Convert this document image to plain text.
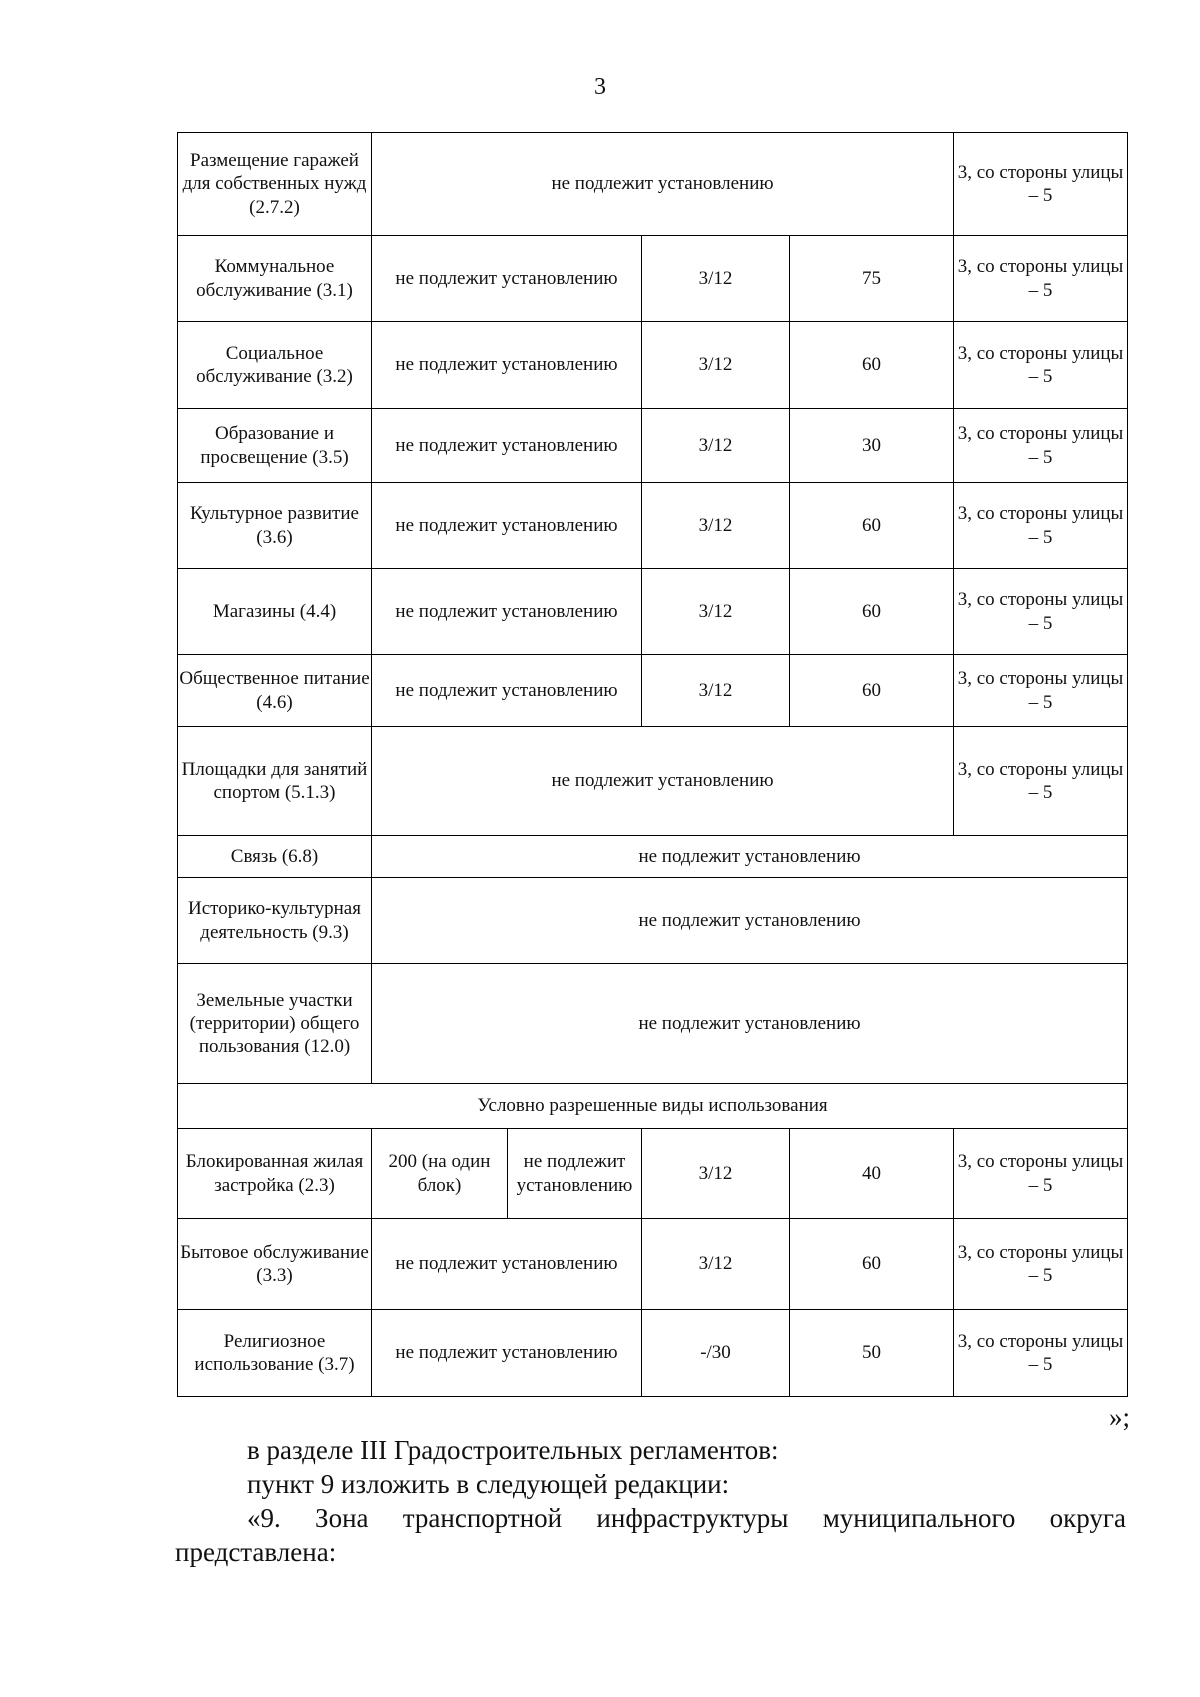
3
Размещение гаражей для собственных нужд (2.7.2)	не подлежит установлению				3, со стороны улицы – 5
Коммунальное обслуживание (3.1)	не подлежит установлению		3/12	75	3, со стороны улицы – 5
Социальное обслуживание (3.2)	не подлежит установлению		3/12	60	3, со стороны улицы – 5
Образование и просвещение (3.5)	не подлежит установлению		3/12	30	3, со стороны улицы – 5
Культурное развитие (3.6)	не подлежит установлению		3/12	60	3, со стороны улицы – 5
Магазины (4.4)	не подлежит установлению		3/12	60	3, со стороны улицы – 5
Общественное питание (4.6)	не подлежит установлению		3/12	60	3, со стороны улицы – 5
Площадки для занятий спортом (5.1.3)	не подлежит установлению				3, со стороны улицы – 5
Связь (6.8)	не подлежит установлению				
Историко-культурная деятельность (9.3)	не подлежит установлению				
Земельные участки (территории) общего пользования (12.0)	не подлежит установлению				
Условно разрешенные виды использования					
Блокированная жилая застройка (2.3)	200 (на один блок)	не подлежит установлению	3/12	40	3, со стороны улицы – 5
Бытовое обслуживание (3.3)	не подлежит установлению		3/12	60	3, со стороны улицы – 5
Религиозное использование (3.7)	не подлежит установлению		-/30	50	3, со стороны улицы – 5
»;
в разделе III Градостроительных регламентов:
пункт 9 изложить в следующей редакции:
«9. Зона транспортной инфраструктуры муниципального округа представлена:
